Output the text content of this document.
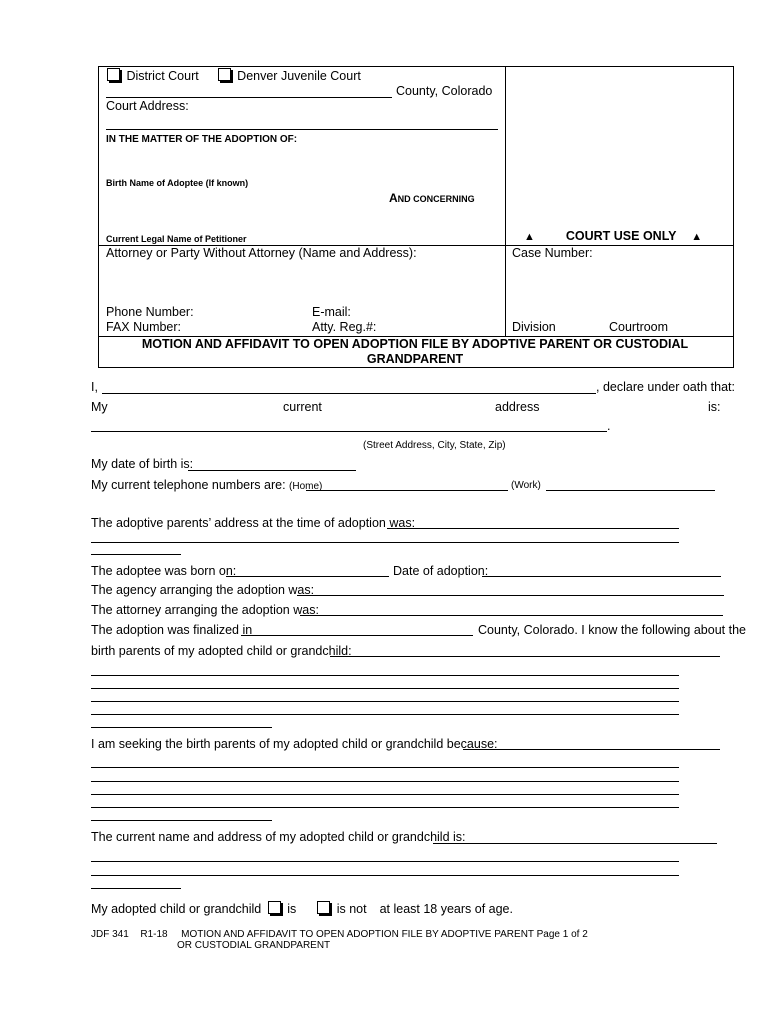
District Court	Denver Juvenile Court
County, Colorado
Court Address:
IN THE MATTER OF THE ADOPTION OF:
Birth Name of Adoptee (If known)
AND CONCERNING
Current Legal Name of Petitioner	▲ COURT USE ONLY ▲
Attorney or Party Without Attorney (Name and Address):	Case Number:
Phone Number:	E-mail:
FAX Number:	Atty. Reg.#:	Division	Courtroom
MOTION AND AFFIDAVIT TO OPEN ADOPTION FILE BY ADOPTIVE PARENT OR CUSTODIAL
GRANDPARENT
I,	, declare under oath that:
My	current	address	is:
.
(Street Address, City, State, Zip)
My date of birth is:
My current telephone numbers are: (Home)	(Work)
The adoptive parents’ address at the time of adoption was:
The adoptee was born on:	Date of adoption:
The agency arranging the adoption was:
The attorney arranging the adoption was:
The adoption was finalized in	County, Colorado. I know the following about the
birth parents of my adopted child or grandchild:
I am seeking the birth parents of my adopted child or grandchild because:
The current name and address of my adopted child or grandchild is:
My adopted child or grandchild is	is not at least 18 years of age.
JDF 341 R1-18 MOTION AND AFFIDAVIT TO OPEN ADOPTION FILE BY ADOPTIVE PARENT Page 1 of 2
OR CUSTODIAL GRANDPARENT
